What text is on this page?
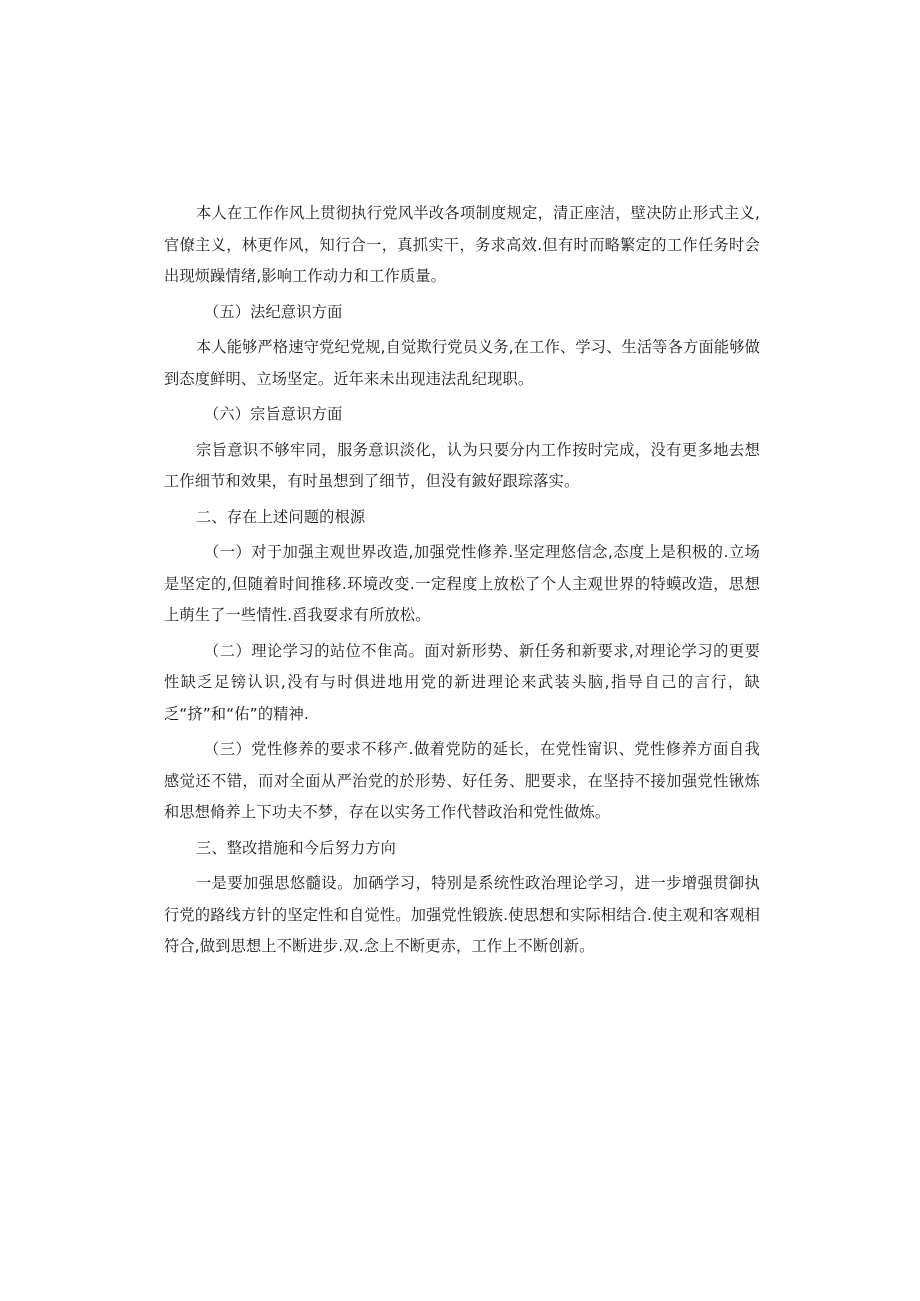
本人在工作作风上贯彻执行党风半改各项制度规定，清正座洁，壁决防止形式主义,官僚主义，林更作风，知行合一，真抓实干，务求高效.但有时而略繁定的工作任务时会出现烦躁情绪,影响工作动力和工作质量。

（五）法纪意识方面

本人能够严格速守党纪党规,自觉欺行党员义务,在工作、学习、生活等各方面能够做到态度鲜明、立场坚定。近年来未出现违法乱纪现职。

（六）宗旨意识方面

宗旨意识不够牢同，服务意识淡化，认为只要分内工作按时完成，没有更多地去想工作细节和效果，有时虽想到了细节，但没有鈹好跟琮落实。

二、存在上述问题的根源

（一）对于加强主观世界改造,加强党性修养.坚定理悠信念,态度上是积极的.立场是坚定的,但随着时间推移.环境改变.一定程度上放松了个人主观世界的特蟆改造，思想上萌生了一些情性.舀我耍求有所放松。

（二）理论学习的站位不隹高。面对新形势、新任务和新要求,对理论学习的更要性缺乏足镑认识,没有与时俱进地用党的新进理论来武装头脑,指导自己的言行，缺乏“挤”和“佑”的精神.

（三）党性修养的要求不移产.做着党防的延长，在党性甯识、党性修养方面自我感觉还不错，而对全面从严治党的於形势、好任务、肥要求，在坚持不接加强党性锹炼和思想脩养上下功夫不梦，存在以实务工作代替政治和党性做炼。

三、整改措施和今后努力方向

一是要加强思悠髓设。加硒学习，特别是系统性政治理论学习，进一步增强贯御执行党的路线方针的坚定性和自觉性。加强党性锻族.使思想和实际相结合.使主观和客观相符合,做到思想上不断进步.双.念上不断更赤，工作上不断创新。
